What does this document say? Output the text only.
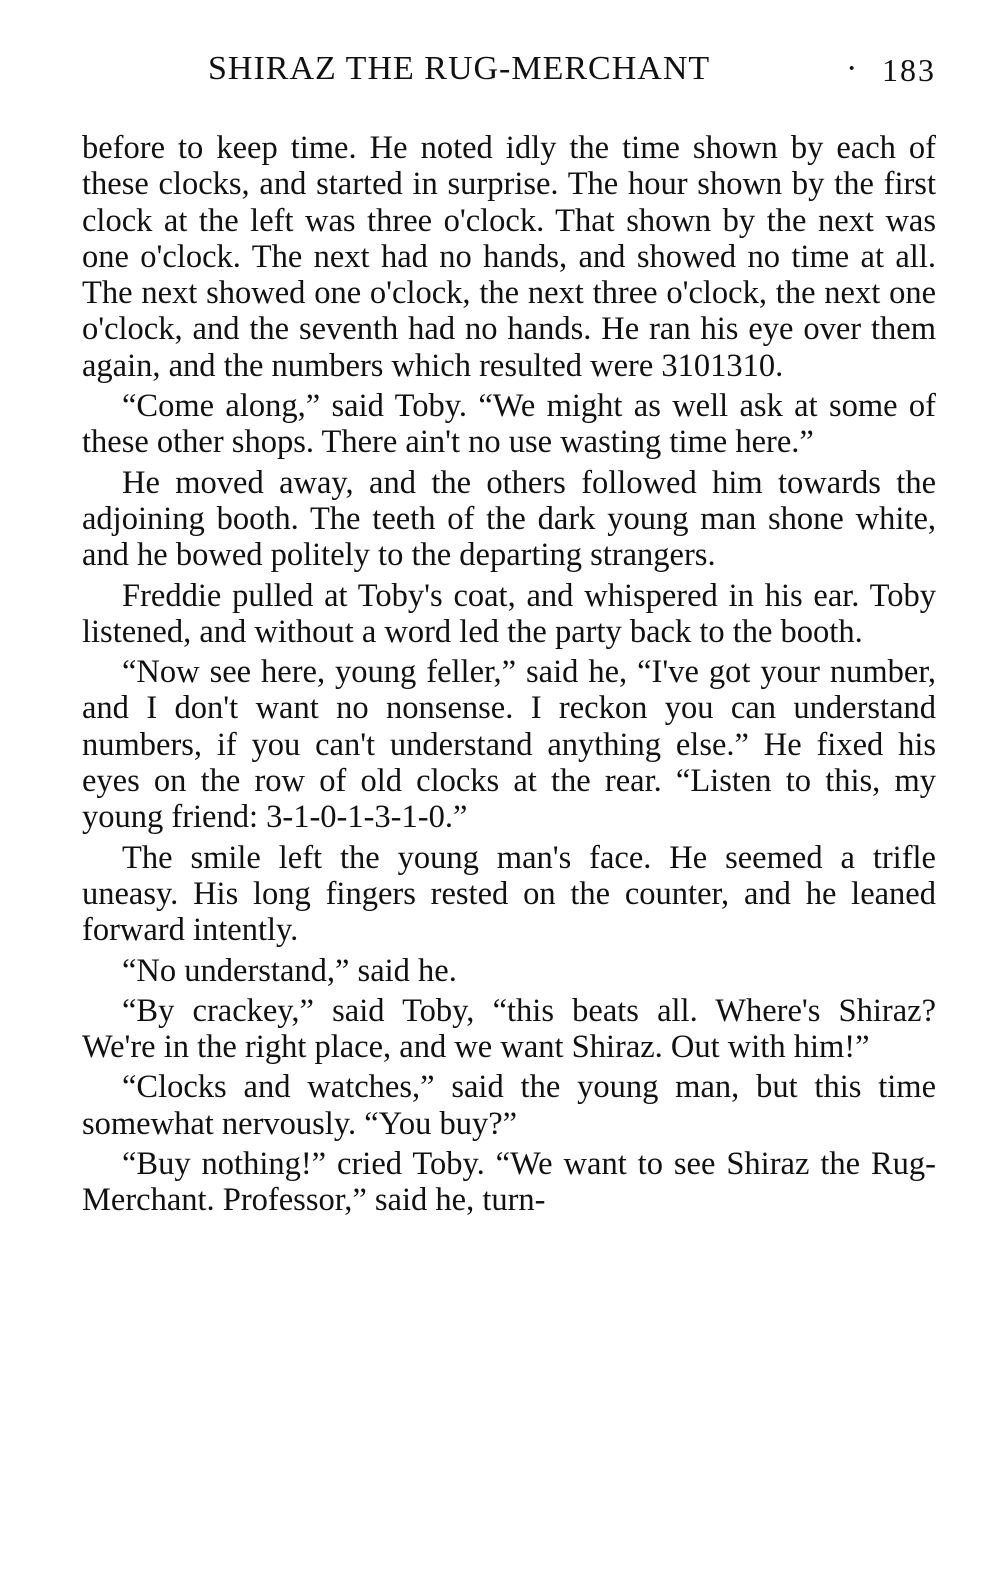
SHIRAZ THE RUG-MERCHANT	· 183

before to keep time. He noted idly the time shown by each of these clocks, and started in surprise. The hour shown by the first clock at the left was three o'clock. That shown by the next was one o'clock. The next had no hands, and showed no time at all. The next showed one o'clock, the next three o'clock, the next one o'clock, and the seventh had no hands. He ran his eye over them again, and the numbers which resulted were 3101310.

“Come along,” said Toby. “We might as well ask at some of these other shops. There ain't no use wasting time here.”

He moved away, and the others followed him towards the adjoining booth. The teeth of the dark young man shone white, and he bowed politely to the departing strangers.

Freddie pulled at Toby's coat, and whispered in his ear. Toby listened, and without a word led the party back to the booth.

“Now see here, young feller,” said he, “I've got your number, and I don't want no nonsense. I reckon you can understand numbers, if you can't understand anything else.” He fixed his eyes on the row of old clocks at the rear. “Listen to this, my young friend: 3-1-0-1-3-1-0.”

The smile left the young man's face. He seemed a trifle uneasy. His long fingers rested on the counter, and he leaned forward intently.

“No understand,” said he.

“By crackey,” said Toby, “this beats all. Where's Shiraz? We're in the right place, and we want Shiraz. Out with him!”

“Clocks and watches,” said the young man, but this time somewhat nervously. “You buy?”

“Buy nothing!” cried Toby. “We want to see Shiraz the Rug-Merchant. Professor,” said he, turn-
